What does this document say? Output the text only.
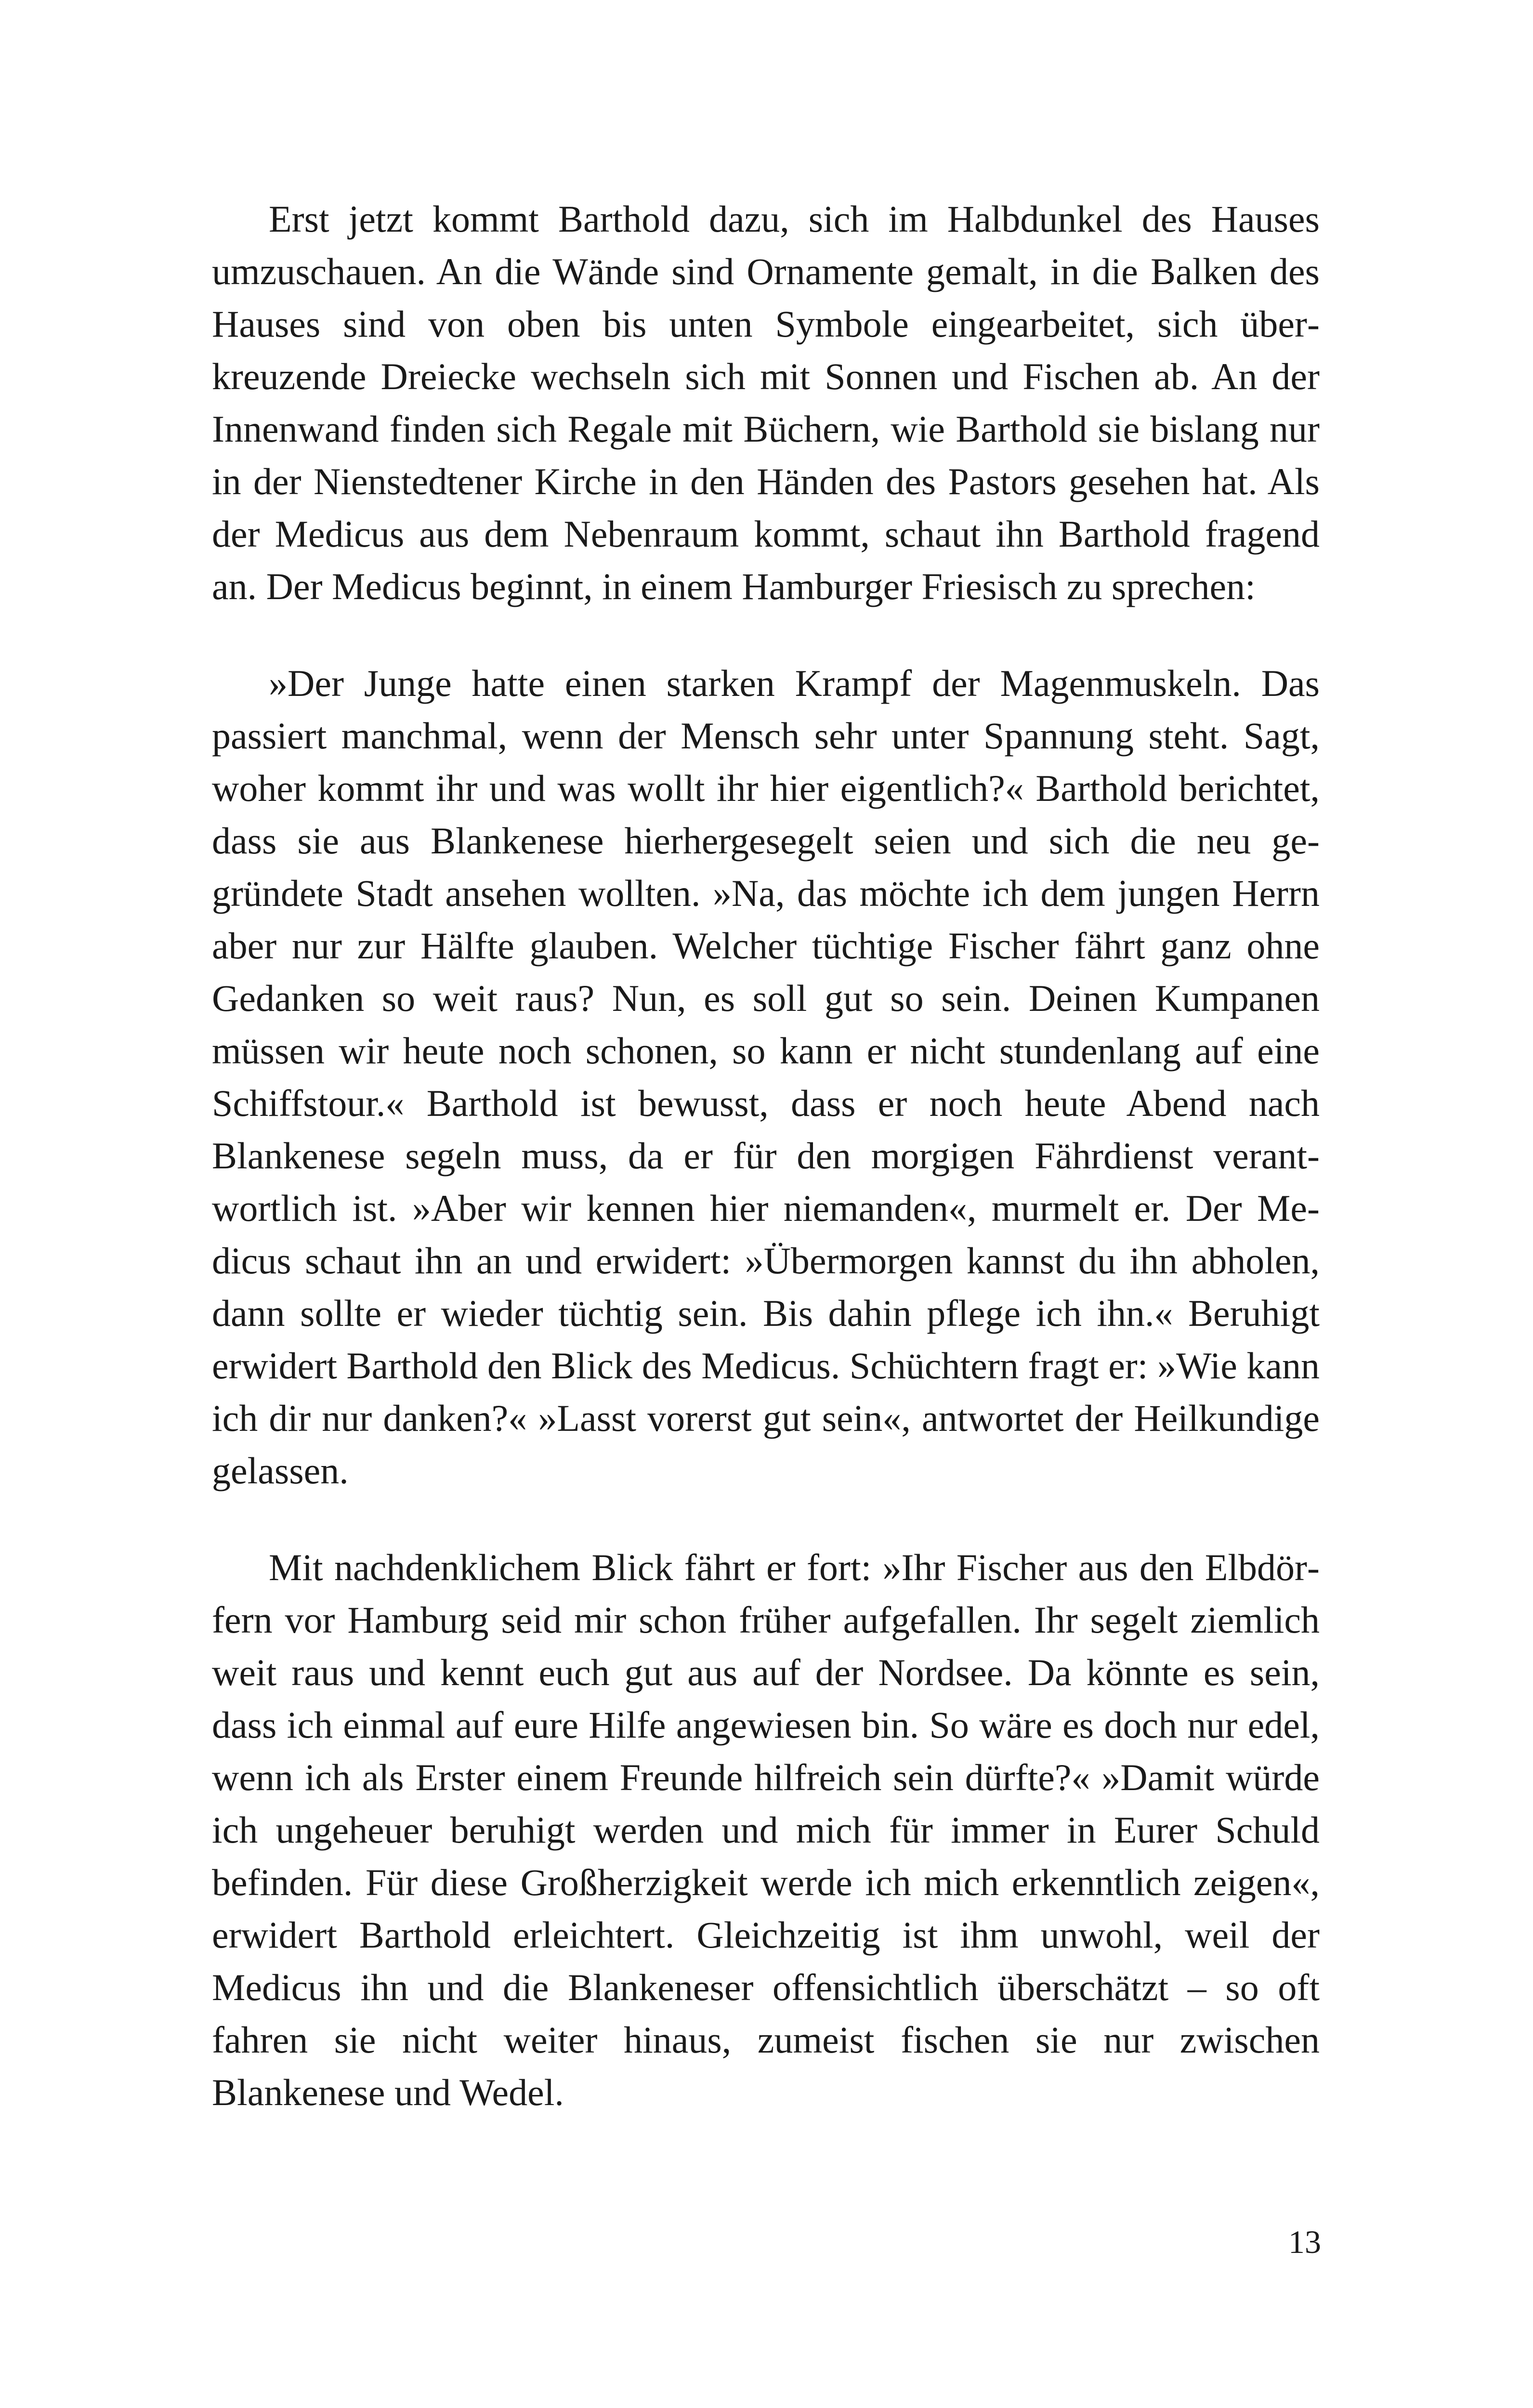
Erst jetzt kommt Barthold dazu, sich im Halbdunkel des Hauses umzuschauen. An die Wände sind Ornamente gemalt, in die Balken des Hauses sind von oben bis unten Symbole eingearbeitet, sich überkreuzende Dreiecke wechseln sich mit Sonnen und Fischen ab. An der Innenwand finden sich Regale mit Büchern, wie Barthold sie bislang nur in der Nienstedtener Kirche in den Händen des Pastors gesehen hat. Als der Medicus aus dem Nebenraum kommt, schaut ihn Barthold fragend an. Der Medicus beginnt, in einem Hamburger Friesisch zu sprechen:

»Der Junge hatte einen starken Krampf der Magenmuskeln. Das passiert manchmal, wenn der Mensch sehr unter Spannung steht. Sagt, woher kommt ihr und was wollt ihr hier eigentlich?« Barthold berichtet, dass sie aus Blankenese hierhergesegelt seien und sich die neu gegründete Stadt ansehen wollten. »Na, das möchte ich dem jungen Herrn aber nur zur Hälfte glauben. Welcher tüchtige Fischer fährt ganz ohne Gedanken so weit raus? Nun, es soll gut so sein. Deinen Kumpanen müssen wir heute noch schonen, so kann er nicht stundenlang auf eine Schiffstour.« Barthold ist bewusst, dass er noch heute Abend nach Blankenese segeln muss, da er für den morgigen Fährdienst verantwortlich ist. »Aber wir kennen hier niemanden«, murmelt er. Der Medicus schaut ihn an und erwidert: »Übermorgen kannst du ihn abholen, dann sollte er wieder tüchtig sein. Bis dahin pflege ich ihn.« Beruhigt erwidert Barthold den Blick des Medicus. Schüchtern fragt er: »Wie kann ich dir nur danken?« »Lasst vorerst gut sein«, antwortet der Heilkundige gelassen.

Mit nachdenklichem Blick fährt er fort: »Ihr Fischer aus den Elbdörfern vor Hamburg seid mir schon früher aufgefallen. Ihr segelt ziemlich weit raus und kennt euch gut aus auf der Nordsee. Da könnte es sein, dass ich einmal auf eure Hilfe angewiesen bin. So wäre es doch nur edel, wenn ich als Erster einem Freunde hilfreich sein dürfte?« »Damit würde ich ungeheuer beruhigt werden und mich für immer in Eurer Schuld befinden. Für diese Großherzigkeit werde ich mich erkenntlich zeigen«, erwidert Barthold erleichtert. Gleichzeitig ist ihm unwohl, weil der Medicus ihn und die Blankeneser offensichtlich überschätzt – so oft fahren sie nicht weiter hinaus, zumeist fischen sie nur zwischen Blankenese und Wedel.

13
